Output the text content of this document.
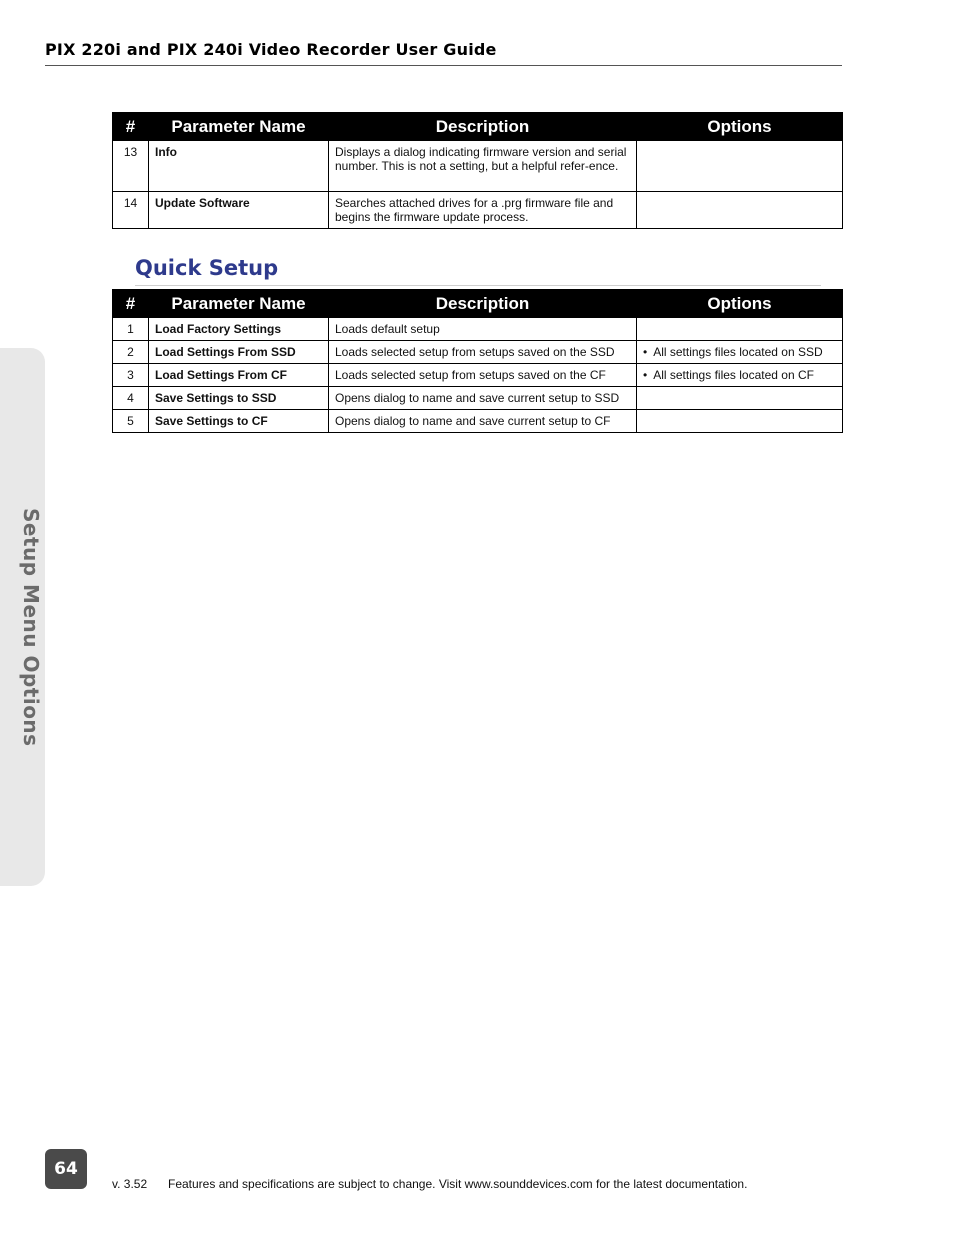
PIX 220i and PIX 240i Video Recorder User Guide
Setup Menu Options
#	Parameter Name	Description	Options
13	Info	Displays a dialog indicating firmware version and serial number. This is not a setting, but a helpful refer-ence.	
14	Update Software	Searches attached drives for a .prg firmware file and begins the firmware update process.	
Quick Setup
#	Parameter Name	Description	Options
1	Load Factory Settings	Loads default setup	
2	Load Settings From SSD	Loads selected setup from setups saved on the SSD	• All settings files located on SSD
3	Load Settings From CF	Loads selected setup from setups saved on the CF	• All settings files located on CF
4	Save Settings to SSD	Opens dialog to name and save current setup to SSD	
5	Save Settings to CF	Opens dialog to name and save current setup to CF	
64
v. 3.52 Features and specifications are subject to change. Visit www.sounddevices.com for the latest documentation.
